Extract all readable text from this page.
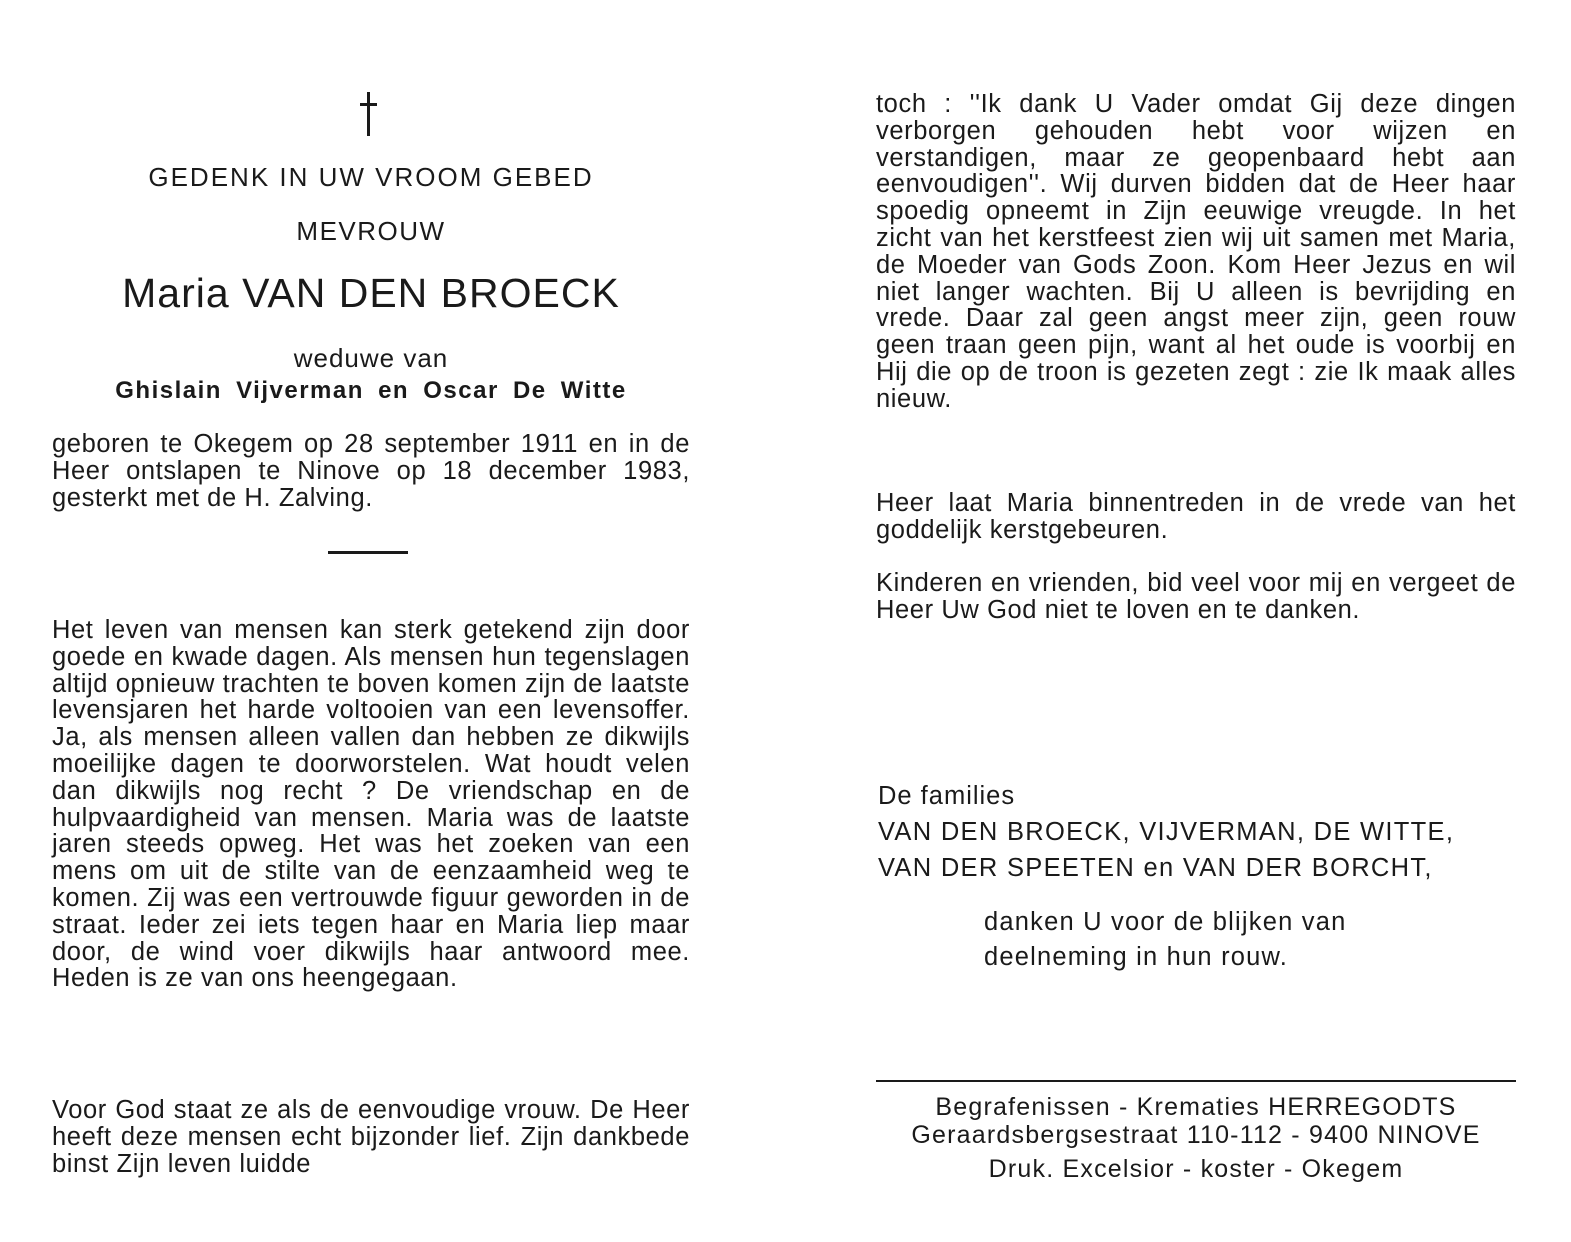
GEDENK IN UW VROOM GEBED
MEVROUW
Maria VAN DEN BROECK
weduwe van
Ghislain Vijverman en Oscar De Witte
geboren te Okegem op 28 september 1911 en in de Heer ontslapen te Ninove op 18 december 1983, gesterkt met de H. Zalving.
Het leven van mensen kan sterk getekend zijn door goede en kwade dagen. Als mensen hun tegenslagen altijd opnieuw trachten te boven komen zijn de laatste levensjaren het harde voltooien van een levensoffer. Ja, als mensen alleen vallen dan hebben ze dikwijls moeilijke dagen te doorworstelen. Wat houdt velen dan dikwijls nog recht ? De vriendschap en de hulpvaardigheid van mensen. Maria was de laatste jaren steeds opweg. Het was het zoeken van een mens om uit de stilte van de eenzaamheid weg te komen. Zij was een vertrouwde figuur geworden in de straat. Ieder zei iets tegen haar en Maria liep maar door, de wind voer dikwijls haar antwoord mee. Heden is ze van ons heengegaan.
Voor God staat ze als de eenvoudige vrouw. De Heer heeft deze mensen echt bijzonder lief. Zijn dankbede binst Zijn leven luidde
toch : ''Ik dank U Vader omdat Gij deze dingen verborgen gehouden hebt voor wijzen en verstandigen, maar ze geopenbaard hebt aan eenvoudigen''. Wij durven bidden dat de Heer haar spoedig opneemt in Zijn eeuwige vreugde. In het zicht van het kerstfeest zien wij uit samen met Maria, de Moeder van Gods Zoon. Kom Heer Jezus en wil niet langer wachten. Bij U alleen is bevrijding en vrede. Daar zal geen angst meer zijn, geen rouw geen traan geen pijn, want al het oude is voorbij en Hij die op de troon is gezeten zegt : zie Ik maak alles nieuw.
Heer laat Maria binnentreden in de vrede van het goddelijk kerstgebeuren.
Kinderen en vrienden, bid veel voor mij en vergeet de Heer Uw God niet te loven en te danken.
De families
VAN DEN BROECK, VIJVERMAN, DE WITTE,
VAN DER SPEETEN en VAN DER BORCHT,
danken U voor de blijken van
deelneming in hun rouw.
Begrafenissen - Krematies HERREGODTS
Geraardsbergsestraat 110-112 - 9400 NINOVE
Druk. Excelsior - koster - Okegem
